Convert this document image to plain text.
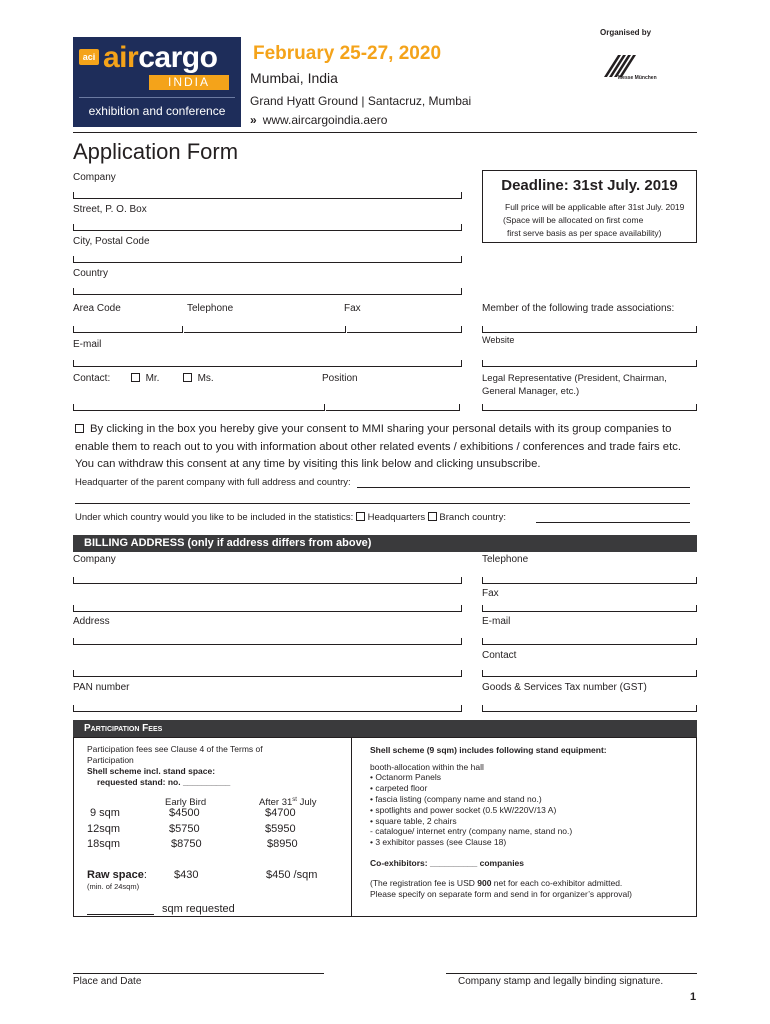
Organised by
Messe München
aci aircargo
INDIA
exhibition and conference
February 25-27, 2020
Mumbai, India
Grand Hyatt Ground | Santacruz, Mumbai
» www.aircargoindia.aero
Application Form
Company
Street, P. O. Box
City, Postal Code
Country
Area Code	Telephone	Fax
E-mail
Contact:	Mr.	Ms.	Position
Deadline: 31st July. 2019
Full price will be applicable after 31st July. 2019
(Space will be allocated on first come
first serve basis as per space availability)
Member of the following trade associations:
Website
Legal Representative (President, Chairman,
General Manager, etc.)
By clicking in the box you hereby give your consent to MMI sharing your personal details with its group companies to enable them to reach out to you with information about other related events / exhibitions / conferences and trade fairs etc. You can withdraw this consent at any time by visiting this link below and clicking unsubscribe.
Headquarter of the parent company with full address and country:
Under which country would you like to be included in the statistics: Headquarters Branch country:
BILLING ADDRESS (only if address differs from above)
Company	Telephone
Fax
Address	E-mail
Contact
PAN number	Goods & Services Tax number (GST)
Participation Fees
Participation fees see Clause 4 of the Terms of
Participation
Shell scheme incl. stand space:
requested stand: no. __________
Early Bird	After 31st July
9 sqm	$4500	$4700
12sqm	$5750	$5950
18sqm	$8750	$8950
Raw space:
(min. of 24sqm)
$430	$450 /sqm
sqm requested
Shell scheme (9 sqm) includes following stand equipment:
booth-allocation within the hall
• Octanorm Panels
• carpeted floor
• fascia listing (company name and stand no.)
• spotlights and power socket (0.5 kW/220V/13 A)
• square table, 2 chairs
- catalogue/ internet entry (company name, stand no.)
• 3 exhibitor passes (see Clause 18)
Co-exhibitors: __________ companies
(The registration fee is USD 900 net for each co-exhibitor admitted.
Please specify on separate form and send in for organizer’s approval)
Place and Date	Company stamp and legally binding signature.
1
